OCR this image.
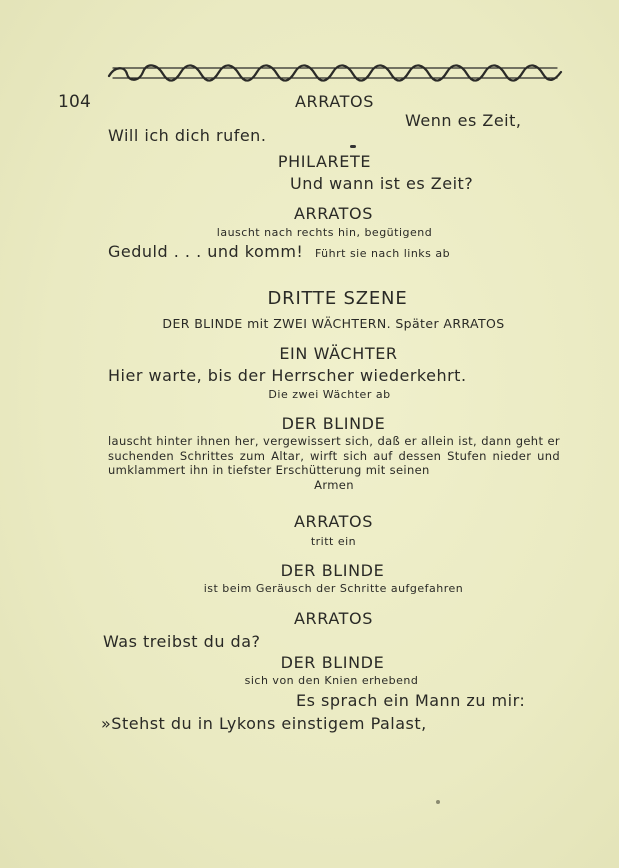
104	ARRATOS
Wenn es Zeit,
Will ich dich rufen.
PHILARETE
Und wann ist es Zeit?
ARRATOS
lauscht nach rechts hin, begütigend
Geduld . . . und komm! Führt sie nach links ab
DRITTE SZENE
DER BLINDE mit ZWEI WÄCHTERN. Später ARRATOS
EIN WÄCHTER
Hier warte, bis der Herrscher wiederkehrt.
Die zwei Wächter ab
DER BLINDE
lauscht hinter ihnen her, vergewissert sich, daß er allein ist, dann geht er suchenden Schrittes zum Altar, wirft sich auf dessen Stufen nieder und umklammert ihn in tiefster Erschütterung mit seinen
Armen
ARRATOS
tritt ein
DER BLINDE
ist beim Geräusch der Schritte aufgefahren
ARRATOS
Was treibst du da?
DER BLINDE
sich von den Knien erhebend
Es sprach ein Mann zu mir:
»Stehst du in Lykons einstigem Palast,
